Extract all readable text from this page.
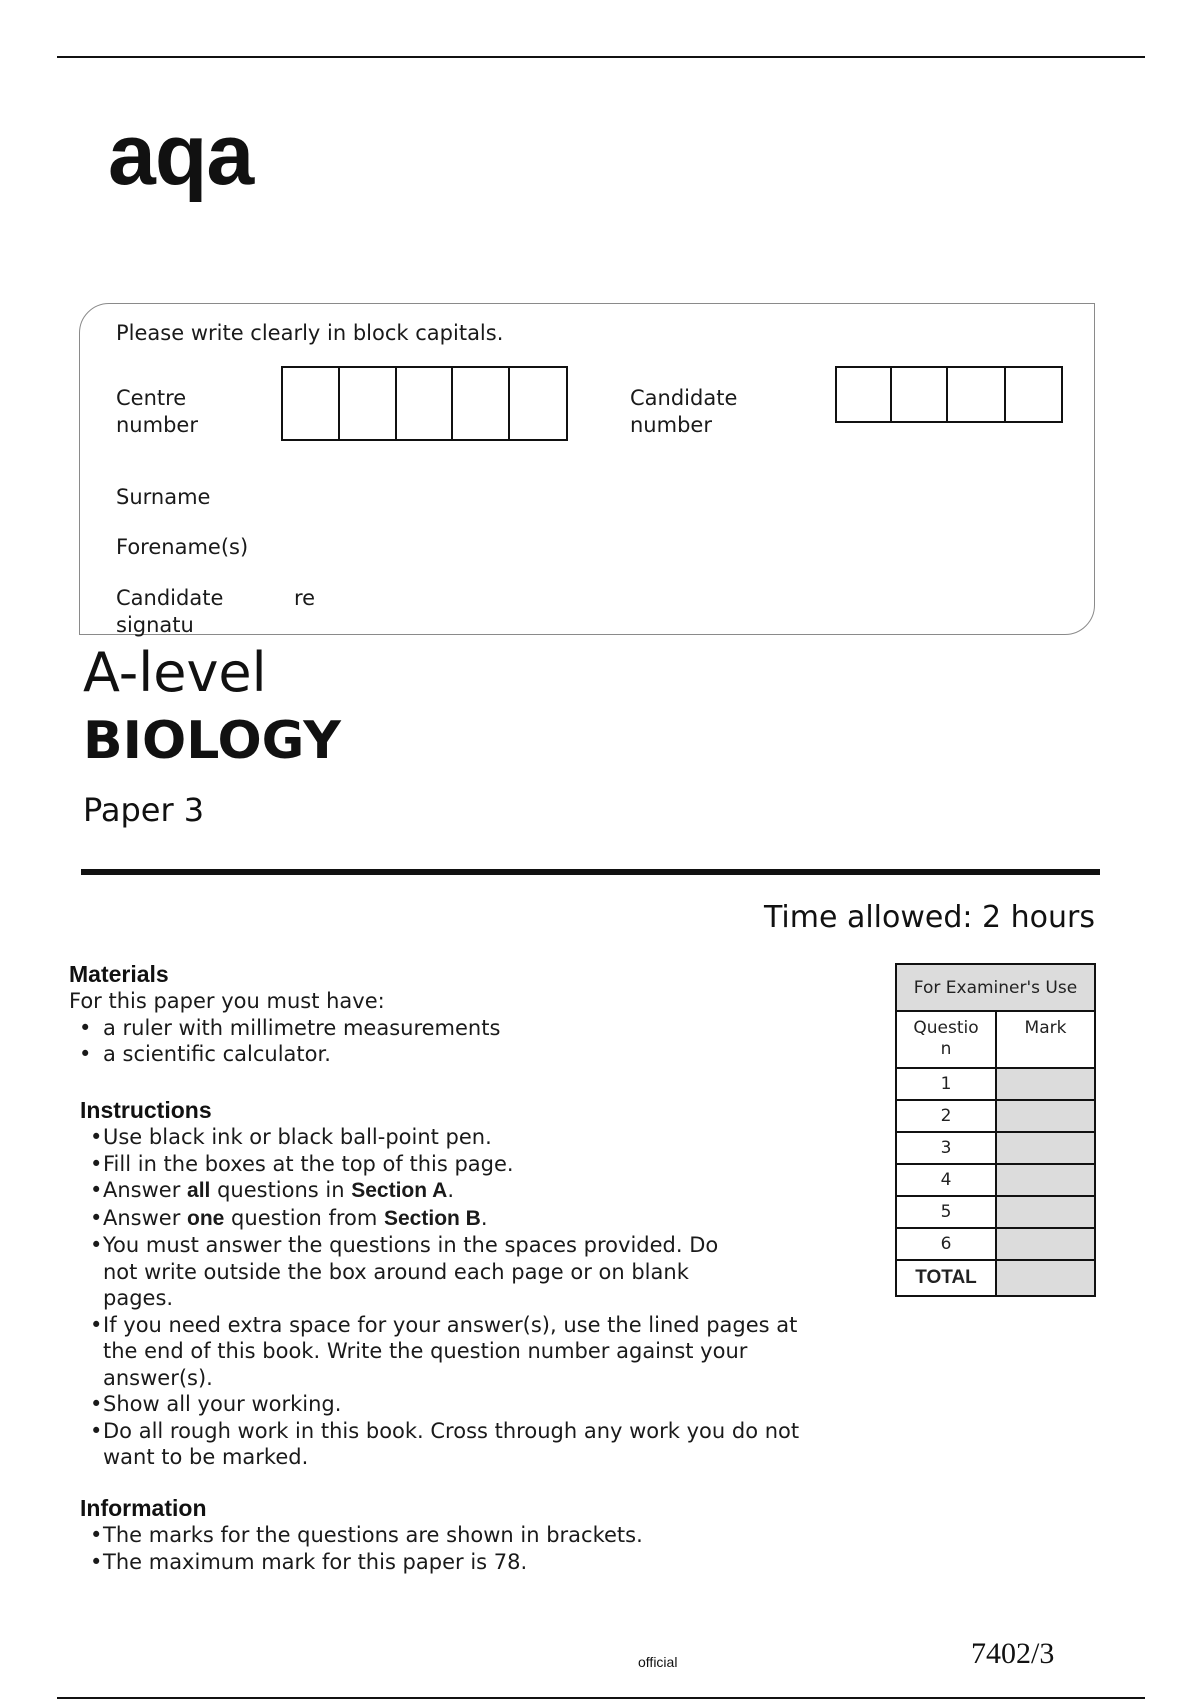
aqa
Please write clearly in block capitals.
Centre
number
Candidate
number
Surname
Forename(s)
Candidate	re
signatu
A-level
BIOLOGY
Paper 3
Time allowed: 2 hours
Materials
For this paper you must have:
• a ruler with millimetre measurements
• a scientific calculator.
Instructions
• Use black ink or black ball-point pen.
• Fill in the boxes at the top of this page.
• Answer all questions in Section A.
• Answer one question from Section B.
• You must answer the questions in the spaces provided. Do not write outside the box around each page or on blank pages.
• If you need extra space for your answer(s), use the lined pages at the end of this book. Write the question number against your answer(s).
• Show all your working.
• Do all rough work in this book. Cross through any work you do not want to be marked.
Information
• The marks for the questions are shown in brackets.
• The maximum mark for this paper is 78.
For Examiner's Use	

Questio
n	Mark
1	
2	
3	
4	
5	
6	
TOTAL	
official	7402/3
